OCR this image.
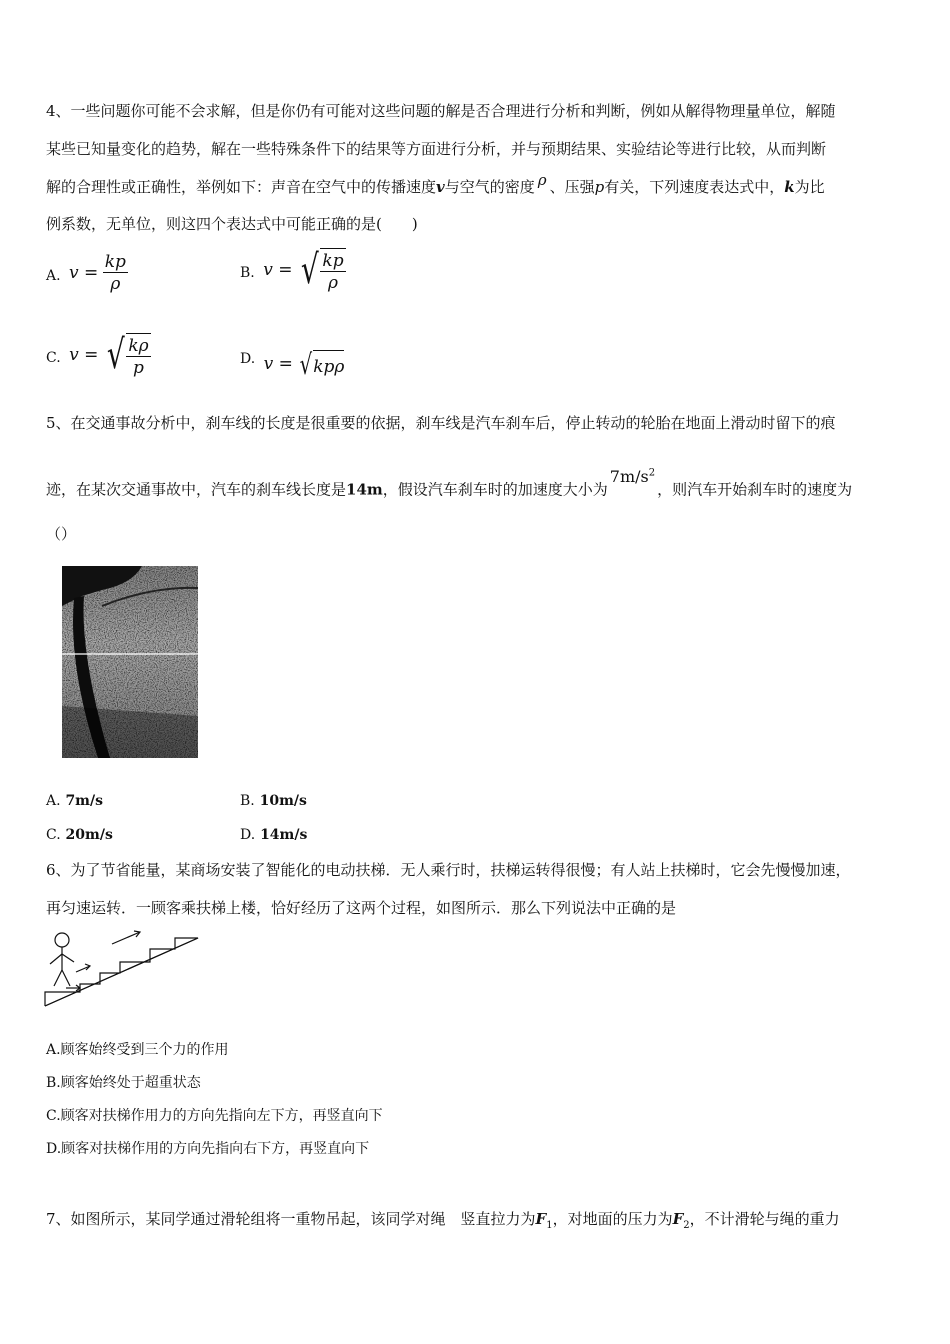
4、一些问题你可能不会求解，但是你仍有可能对这些问题的解是否合理进行分析和判断，例如从解得物理量单位，解随
某些已知量变化的趋势，解在一些特殊条件下的结果等方面进行分析，并与预期结果、实验结论等进行比较，从而判断
解的合理性或正确性，举例如下：声音在空气中的传播速度v与空气的密度 ρ 、压强p有关，下列速度表达式中，k为比
例系数，无单位，则这四个表达式中可能正确的是(　　)
A. $v = \frac{kp}{\rho}$	B. v = √ $\frac{kp}{\rho}$
C. v = √ $\frac{k\rho}{p}$	D. v = √ kpρ
5、在交通事故分析中，刹车线的长度是很重要的依据，刹车线是汽车刹车后，停止转动的轮胎在地面上滑动时留下的痕
迹，在某次交通事故中，汽车的刹车线长度是14m，假设汽车刹车时的加速度大小为$7m/s^2$，则汽车开始刹车时的速度为
（）
A. 7m/s	B. 10m/s
C. 20m/s	D. 14m/s
6、为了节省能量，某商场安装了智能化的电动扶梯．无人乘行时，扶梯运转得很慢；有人站上扶梯时，它会先慢慢加速，
再匀速运转．一顾客乘扶梯上楼，恰好经历了这两个过程，如图所示．那么下列说法中正确的是
A.顾客始终受到三个力的作用
B.顾客始终处于超重状态
C.顾客对扶梯作用力的方向先指向左下方，再竖直向下
D.顾客对扶梯作用的方向先指向右下方，再竖直向下
7、如图所示，某同学通过滑轮组将一重物吊起，该同学对绳　竖直拉力为$F_1$，对地面的压力为$F_2$，不计滑轮与绳的重力
